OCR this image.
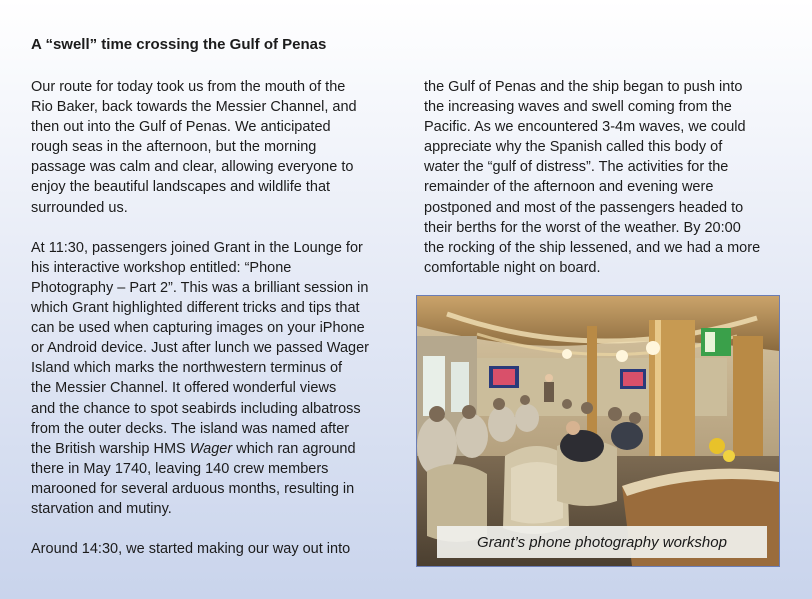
A “swell” time crossing the Gulf of Penas
Our route for today took us from the mouth of the
Rio Baker, back towards the Messier Channel, and
then out into the Gulf of Penas. We anticipated
rough seas in the afternoon, but the morning
passage was calm and clear, allowing everyone to
enjoy the beautiful landscapes and wildlife that
surrounded us.
At 11:30, passengers joined Grant in the Lounge for
his interactive workshop entitled: “Phone
Photography – Part 2”. This was a brilliant session in
which Grant highlighted different tricks and tips that
can be used when capturing images on your iPhone
or Android device. Just after lunch we passed Wager
Island which marks the northwestern terminus of
the Messier Channel. It offered wonderful views
and the chance to spot seabirds including albatross
from the outer decks. The island was named after
the British warship HMS Wager which ran aground
there in May 1740, leaving 140 crew members
marooned for several arduous months, resulting in
starvation and mutiny.
Around 14:30, we started making our way out into
the Gulf of Penas and the ship began to push into
the increasing waves and swell coming from the
Pacific. As we encountered 3-4m waves, we could
appreciate why the Spanish called this body of
water the “gulf of distress”. The activities for the
remainder of the afternoon and evening were
postponed and most of the passengers headed to
their berths for the worst of the weather. By 20:00
the rocking of the ship lessened, and we had a more
comfortable night on board.
Grant’s phone photography workshop
